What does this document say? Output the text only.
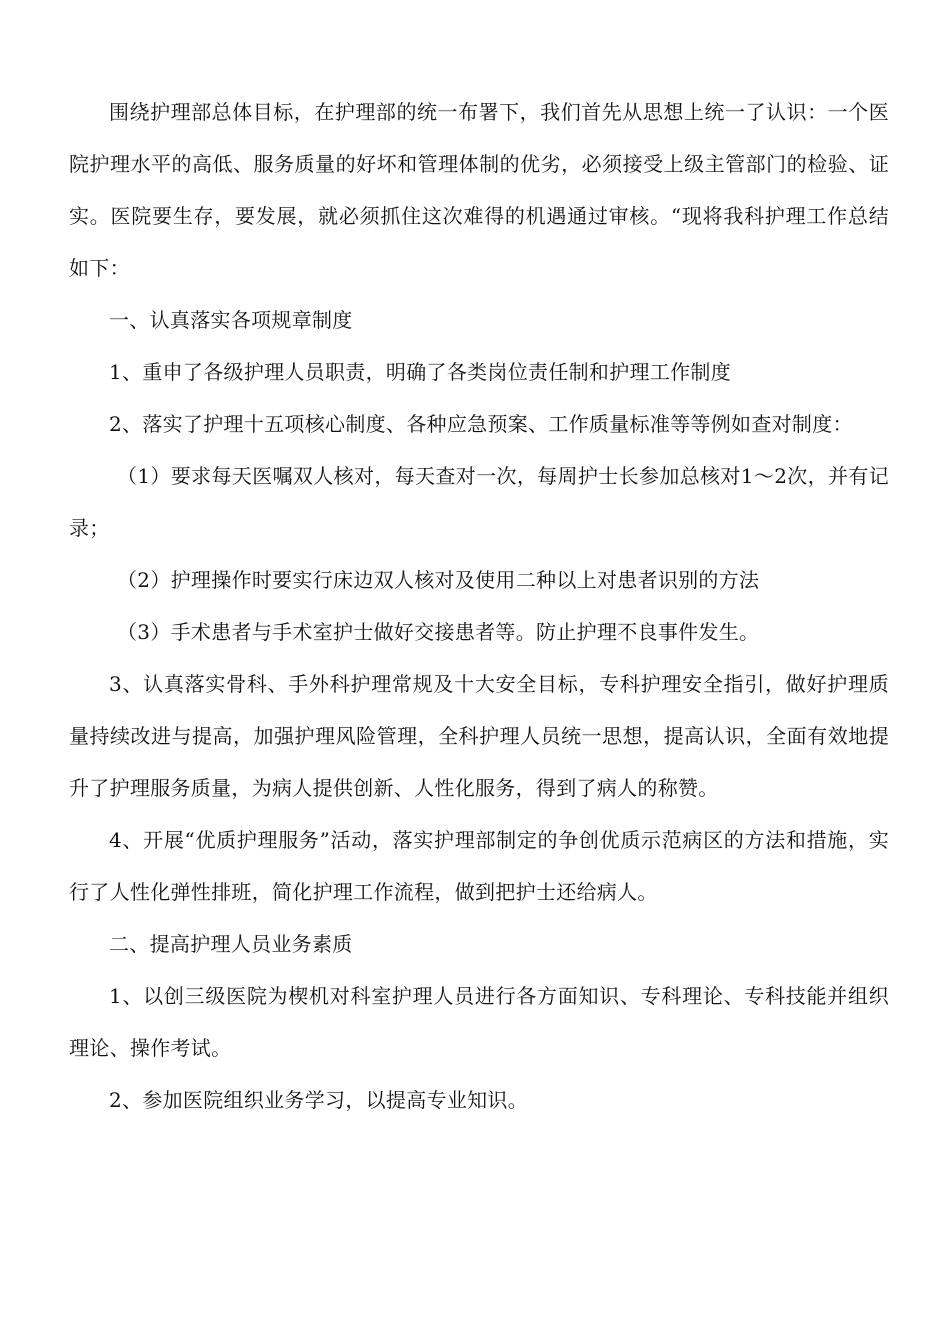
围绕护理部总体目标，在护理部的统一布署下，我们首先从思想上统一了认识：一个医院护理水平的高低、服务质量的好坏和管理体制的优劣，必须接受上级主管部门的检验、证实。医院要生存，要发展，就必须抓住这次难得的机遇通过审核。“现将我科护理工作总结如下：

一、认真落实各项规章制度

1、重申了各级护理人员职责，明确了各类岗位责任制和护理工作制度

2、落实了护理十五项核心制度、各种应急预案、工作质量标准等等例如查对制度：

（1）要求每天医嘱双人核对，每天查对一次，每周护士长参加总核对1～2次，并有记录；

（2）护理操作时要实行床边双人核对及使用二种以上对患者识别的方法

（3）手术患者与手术室护士做好交接患者等。防止护理不良事件发生。

3、认真落实骨科、手外科护理常规及十大安全目标，专科护理安全指引，做好护理质量持续改进与提高，加强护理风险管理，全科护理人员统一思想，提高认识，全面有效地提升了护理服务质量，为病人提供创新、人性化服务，得到了病人的称赞。

4、开展“优质护理服务”活动，落实护理部制定的争创优质示范病区的方法和措施，实行了人性化弹性排班，简化护理工作流程，做到把护士还给病人。

二、提高护理人员业务素质

1、以创三级医院为楔机对科室护理人员进行各方面知识、专科理论、专科技能并组织理论、操作考试。

2、参加医院组织业务学习，以提高专业知识。
